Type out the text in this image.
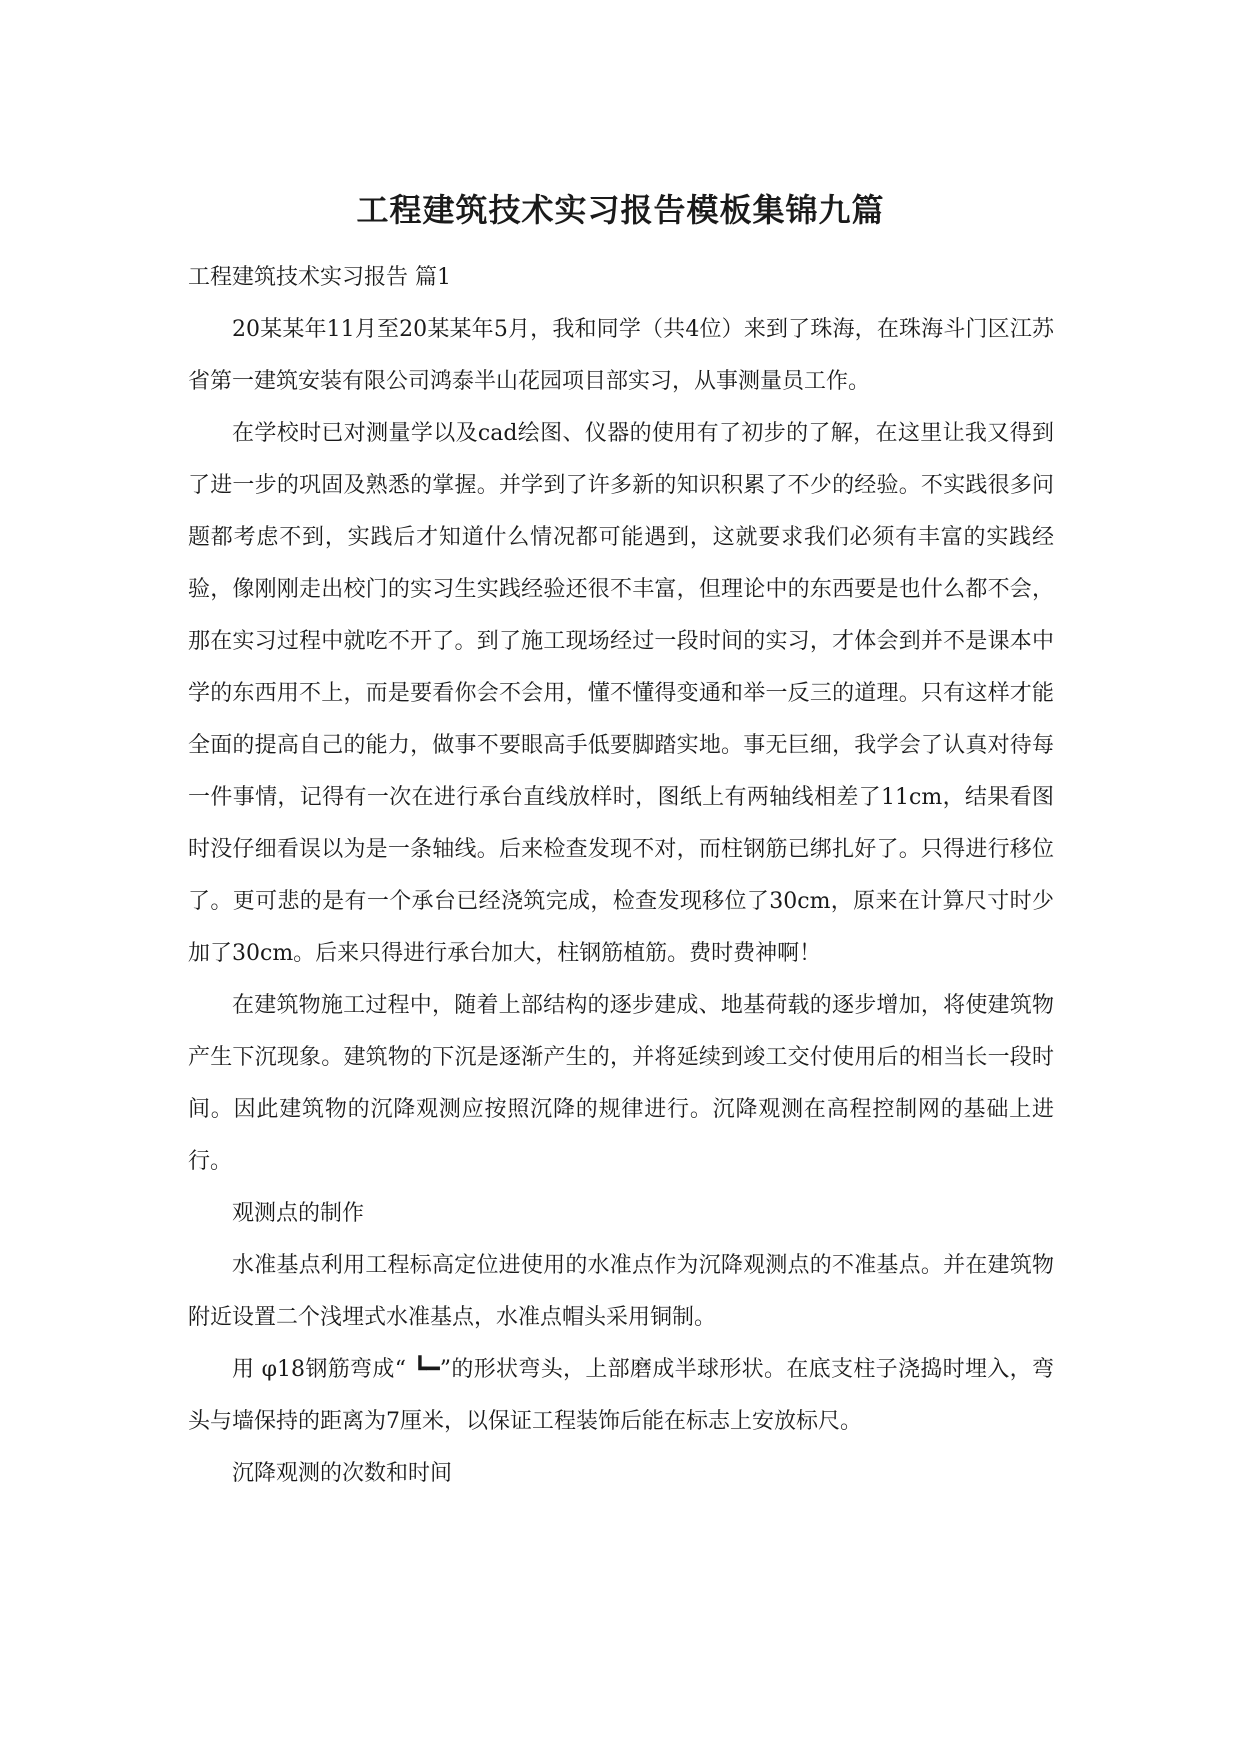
工程建筑技术实习报告模板集锦九篇

工程建筑技术实习报告 篇1

20某某年11月至20某某年5月，我和同学（共4位）来到了珠海，在珠海斗门区江苏省第一建筑安装有限公司鸿泰半山花园项目部实习，从事测量员工作。

在学校时已对测量学以及cad绘图、仪器的使用有了初步的了解，在这里让我又得到了进一步的巩固及熟悉的掌握。并学到了许多新的知识积累了不少的经验。不实践很多问题都考虑不到，实践后才知道什么情况都可能遇到，这就要求我们必须有丰富的实践经验，像刚刚走出校门的实习生实践经验还很不丰富，但理论中的东西要是也什么都不会，那在实习过程中就吃不开了。到了施工现场经过一段时间的实习，才体会到并不是课本中学的东西用不上，而是要看你会不会用，懂不懂得变通和举一反三的道理。只有这样才能全面的提高自己的能力，做事不要眼高手低要脚踏实地。事无巨细，我学会了认真对待每一件事情，记得有一次在进行承台直线放样时，图纸上有两轴线相差了11cm，结果看图时没仔细看误以为是一条轴线。后来检查发现不对，而柱钢筋已绑扎好了。只得进行移位了。更可悲的是有一个承台已经浇筑完成，检查发现移位了30cm，原来在计算尺寸时少加了30cm。后来只得进行承台加大，柱钢筋植筋。费时费神啊！

在建筑物施工过程中，随着上部结构的逐步建成、地基荷载的逐步增加，将使建筑物产生下沉现象。建筑物的下沉是逐渐产生的，并将延续到竣工交付使用后的相当长一段时间。因此建筑物的沉降观测应按照沉降的规律进行。沉降观测在高程控制网的基础上进行。

观测点的制作

水准基点利用工程标高定位进使用的水准点作为沉降观测点的不准基点。并在建筑物附近设置二个浅埋式水准基点，水准点帽头采用铜制。

用 φ18钢筋弯成“ ┗━”的形状弯头，上部磨成半球形状。在底支柱子浇捣时埋入，弯头与墙保持的距离为7厘米，以保证工程装饰后能在标志上安放标尺。

沉降观测的次数和时间
